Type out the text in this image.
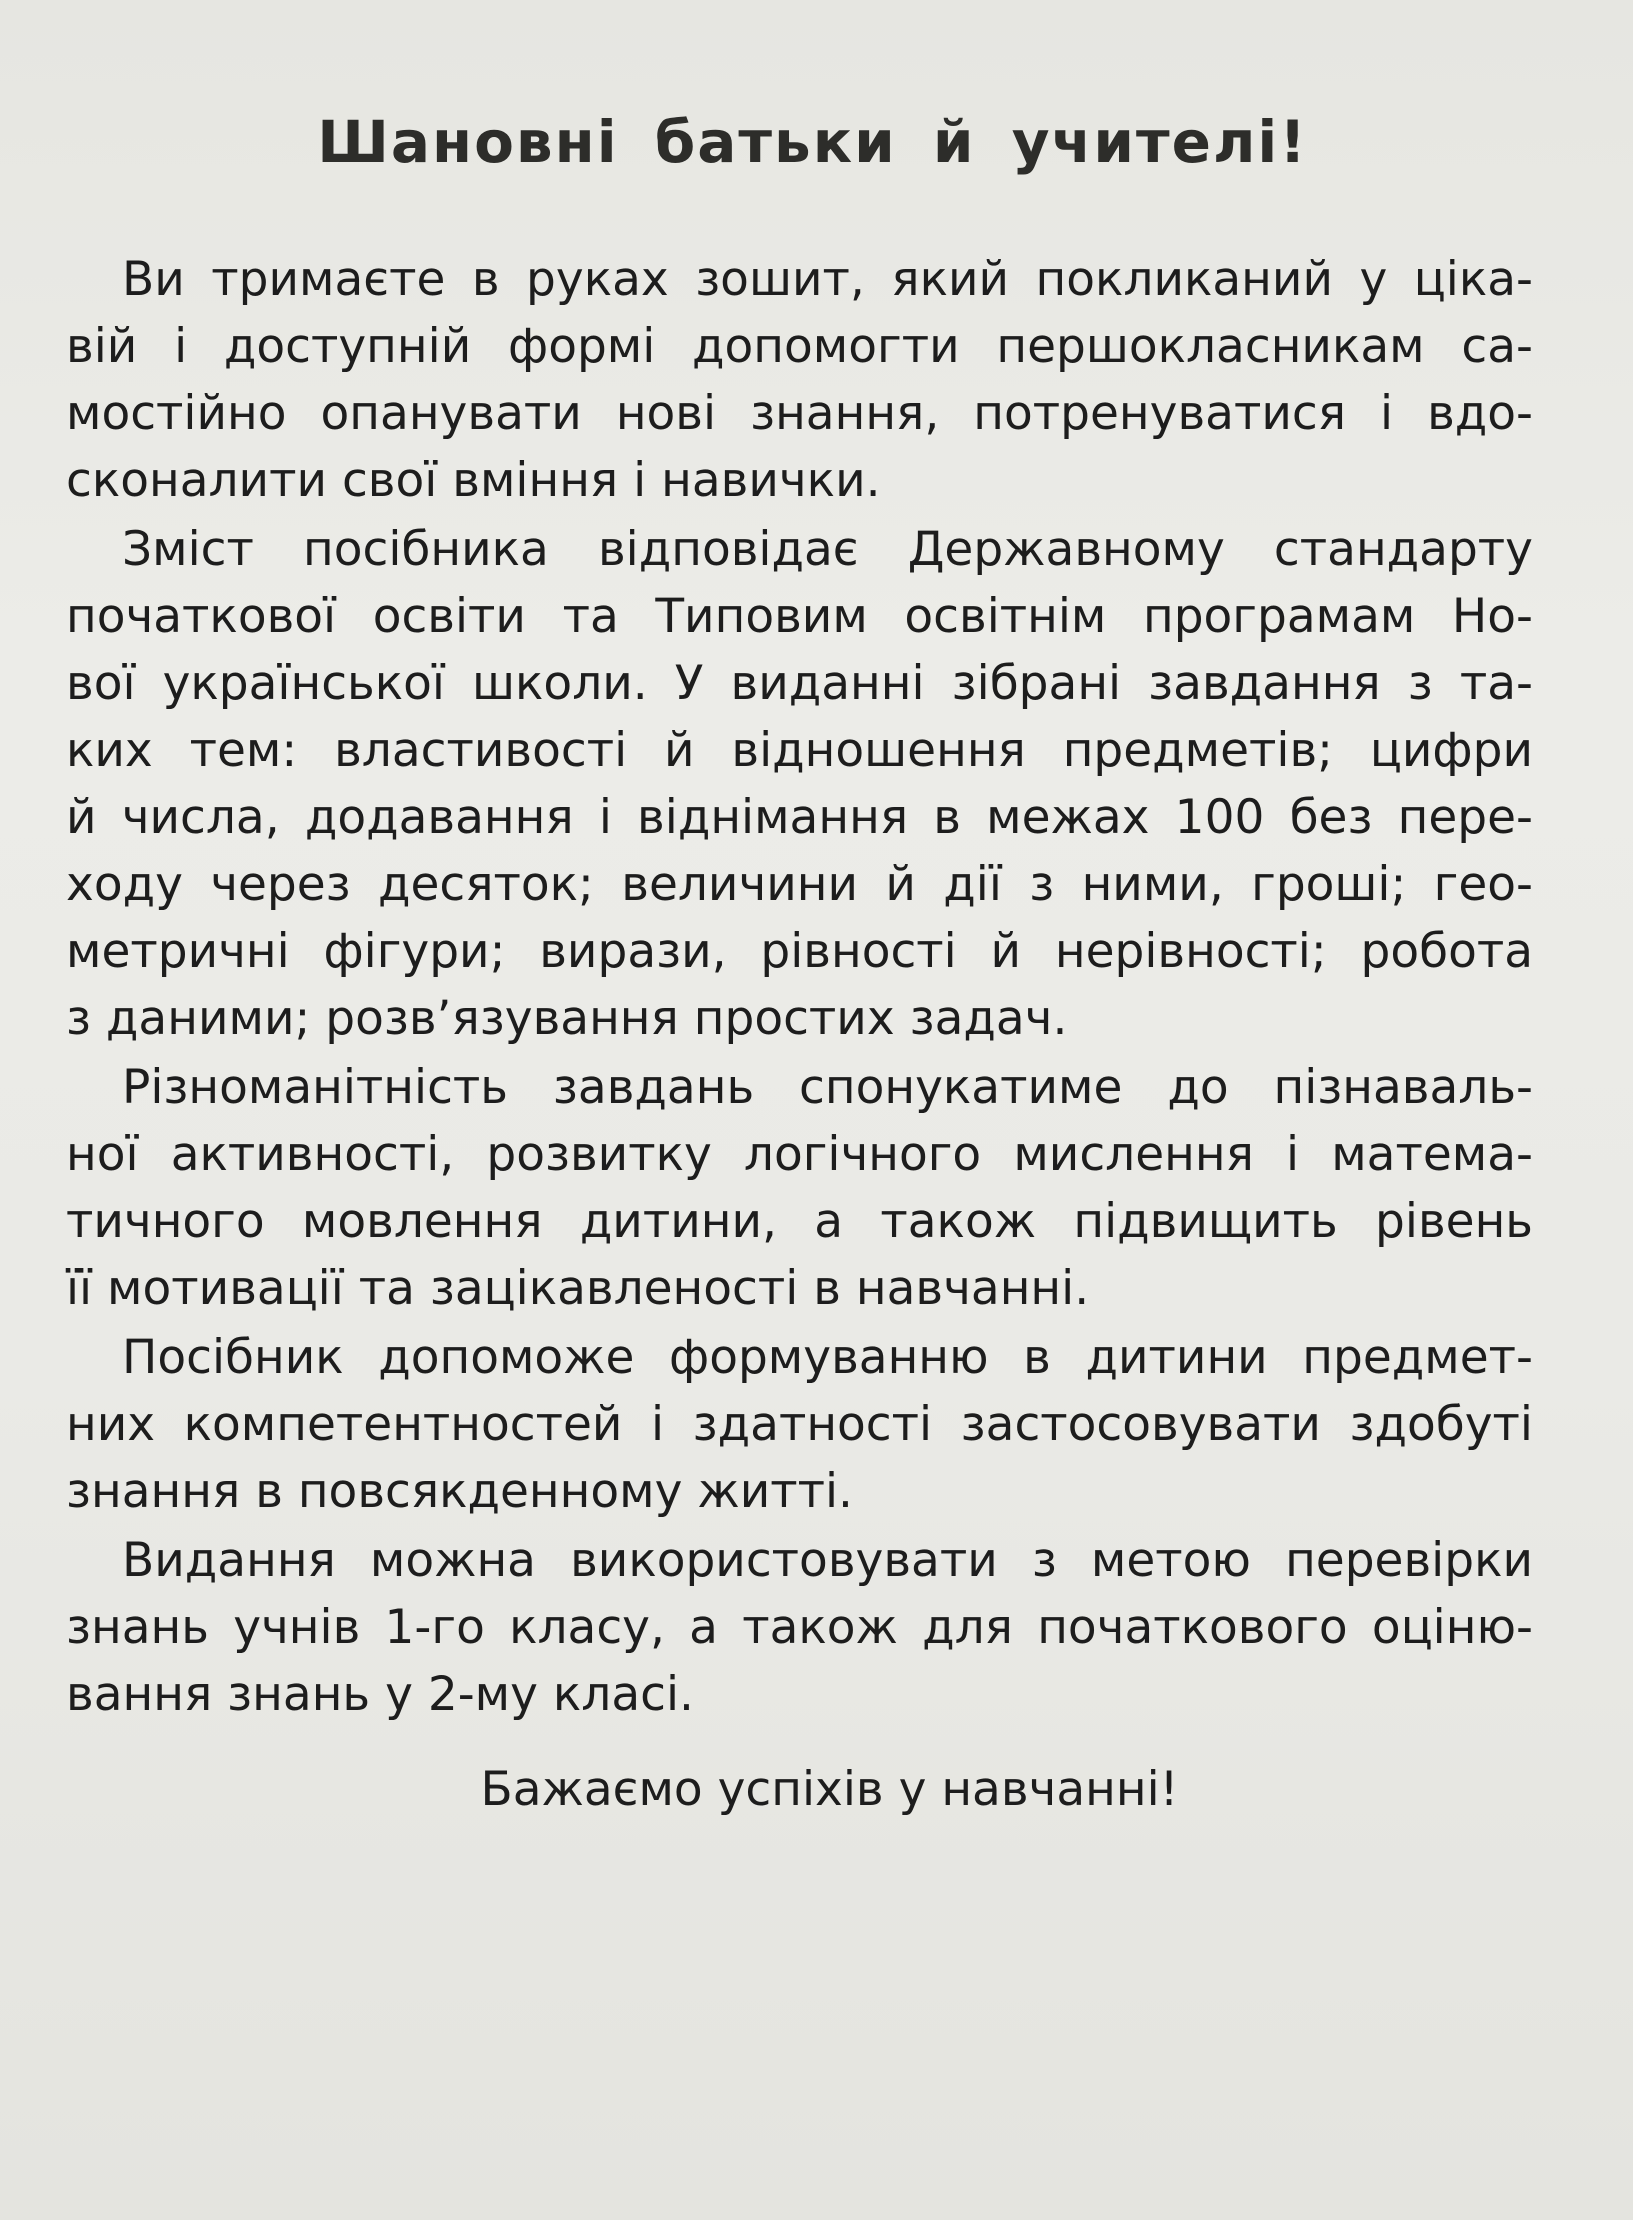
Шановні батьки й учителі!
Ви тримаєте в руках зошит, який покликаний у ціка-
вій і доступній формі допомогти першокласникам са-
мостійно опанувати нові знання, потренуватися і вдо-
сконалити свої вміння і навички.
Зміст посібника відповідає Державному стандарту
початкової освіти та Типовим освітнім програмам Но-
вої української школи. У виданні зібрані завдання з та-
ких тем: властивості й відношення предметів; цифри
й числа, додавання і віднімання в межах 100 без пере-
ходу через десяток; величини й дії з ними, гроші; гео-
метричні фігури; вирази, рівності й нерівності; робота
з даними; розв’язування простих задач.
Різноманітність завдань спонукатиме до пізнаваль-
ної активності, розвитку логічного мислення і матема-
тичного мовлення дитини, а також підвищить рівень
її мотивації та зацікавленості в навчанні.
Посібник допоможе формуванню в дитини предмет-
них компетентностей і здатності застосовувати здобуті
знання в повсякденному житті.
Видання можна використовувати з метою перевірки
знань учнів 1-го класу, а також для початкового оціню-
вання знань у 2-му класі.

Бажаємо успіхів у навчанні!
